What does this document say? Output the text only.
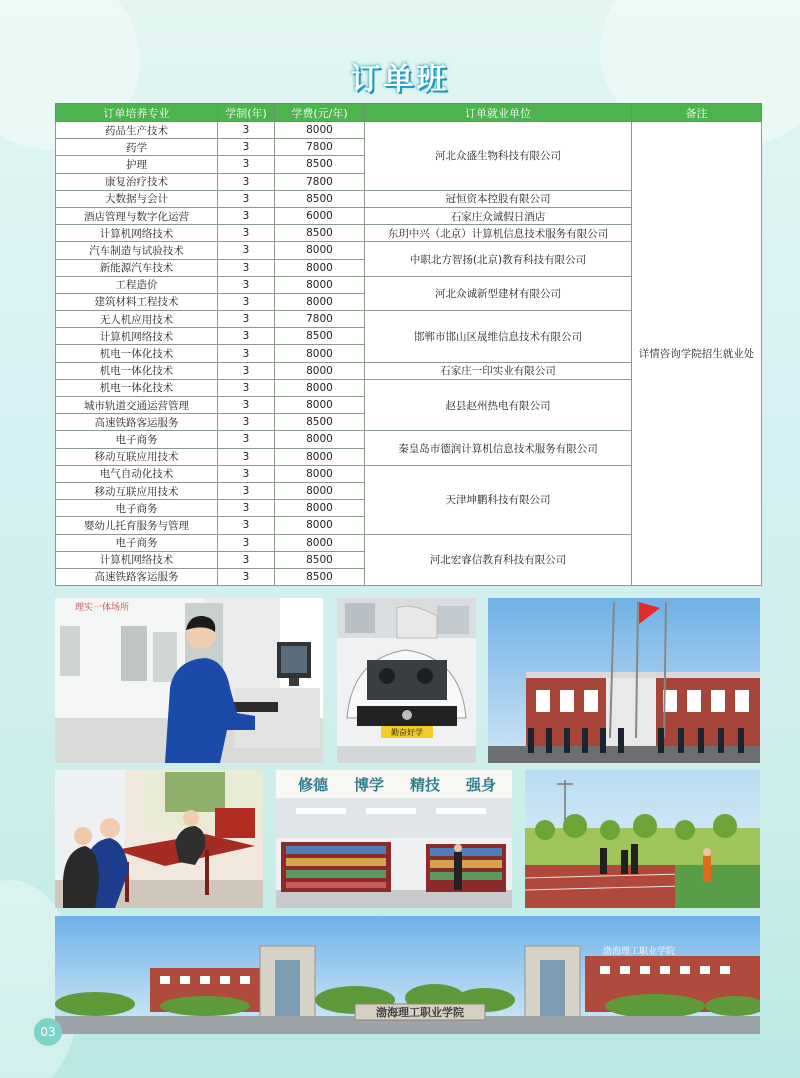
订单班
订单培养专业	学制(年)	学费(元/年)	订单就业单位	备注
药品生产技术	3	8000	河北众盛生物科技有限公司	详情咨询学院招生就业处
药学	3	7800		
护理	3	8500		
康复治疗技术	3	7800		
大数据与会计	3	8500	冠恒资本控股有限公司	
酒店管理与数字化运营	3	6000	石家庄众诚假日酒店	
计算机网络技术	3	8500	东玥中兴（北京）计算机信息技术服务有限公司	
汽车制造与试验技术	3	8000	中职北方智扬(北京)教育科技有限公司	
新能源汽车技术	3	8000		
工程造价	3	8000	河北众诚新型建材有限公司	
建筑材料工程技术	3	8000		
无人机应用技术	3	7800	邯郸市邯山区晟维信息技术有限公司	
计算机网络技术	3	8500		
机电一体化技术	3	8000		
机电一体化技术	3	8000	石家庄一印实业有限公司	
机电一体化技术	3	8000	赵县赵州热电有限公司	
城市轨道交通运营管理	3	8000		
高速铁路客运服务	3	8500		
电子商务	3	8000	秦皇岛市德润计算机信息技术服务有限公司	
移动互联应用技术	3	8000		
电气自动化技术	3	8000	天津坤鹏科技有限公司	
移动互联应用技术	3	8000		
电子商务	3	8000		
婴幼儿托育服务与管理	3	8000		
电子商务	3	8000	河北宏睿信教育科技有限公司	
计算机网络技术	3	8500		
高速铁路客运服务	3	8500		
理实一体场所
勤奋好学
修德 博学 精技 强身
渤海理工职业学院
渤海理工职业学院
03
